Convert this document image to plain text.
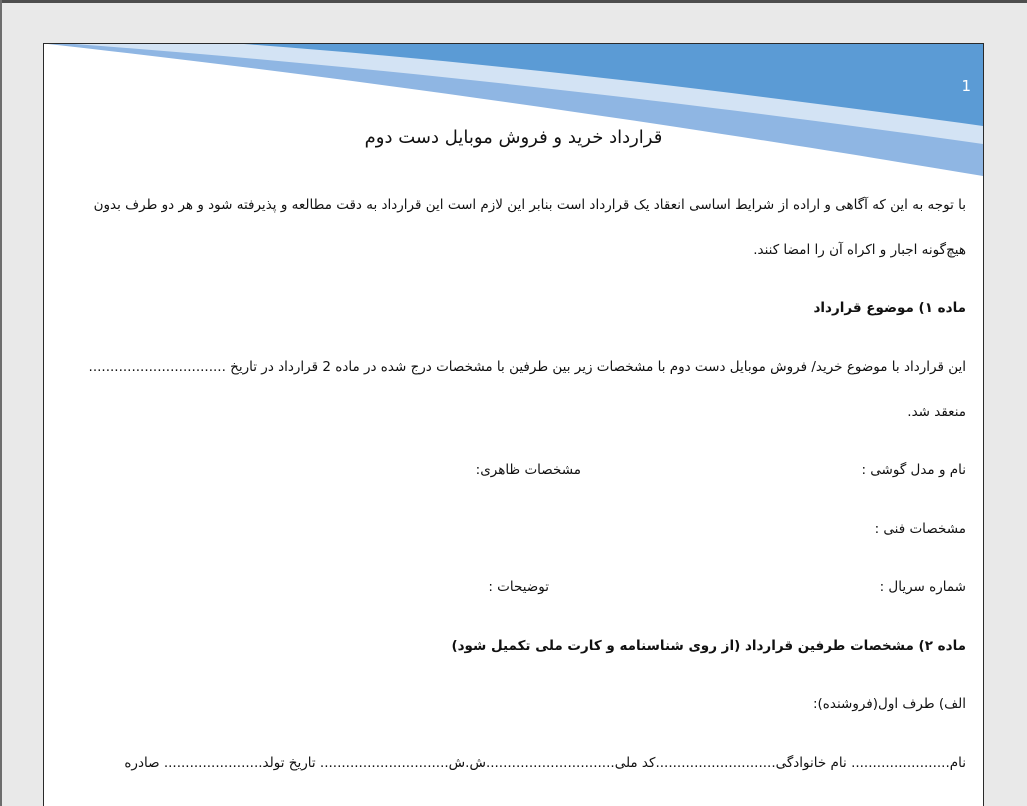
1
قرارداد خرید و فروش موبایل دست دوم

با توجه به این که آگاهی و اراده از شرایط اساسی انعقاد یک قرارداد است بنابر این لازم است این قرارداد به دقت مطالعه و پذیرفته شود و هر دو طرف بدون هیچ‌گونه اجبار و اکراه آن را امضا کنند.

ماده ۱) موضوع قرارداد

این قرارداد با موضوع خرید/ فروش موبایل دست دوم با مشخصات زیر بین طرفین با مشخصات درج شده در ماده 2 قرارداد در تاریخ ................................ منعقد شد.

نام و مدل گوشی :
مشخصات ظاهری:
مشخصات فنی :
شماره سریال :
توضیحات :

ماده ۲) مشخصات طرفین قرارداد (از روی شناسنامه و کارت ملی تکمیل شود)

الف) طرف اول(فروشنده):

نام....................... نام خانوادگی............................کد ملی..............................ش.ش.............................. تاریخ تولد....................... صادره
